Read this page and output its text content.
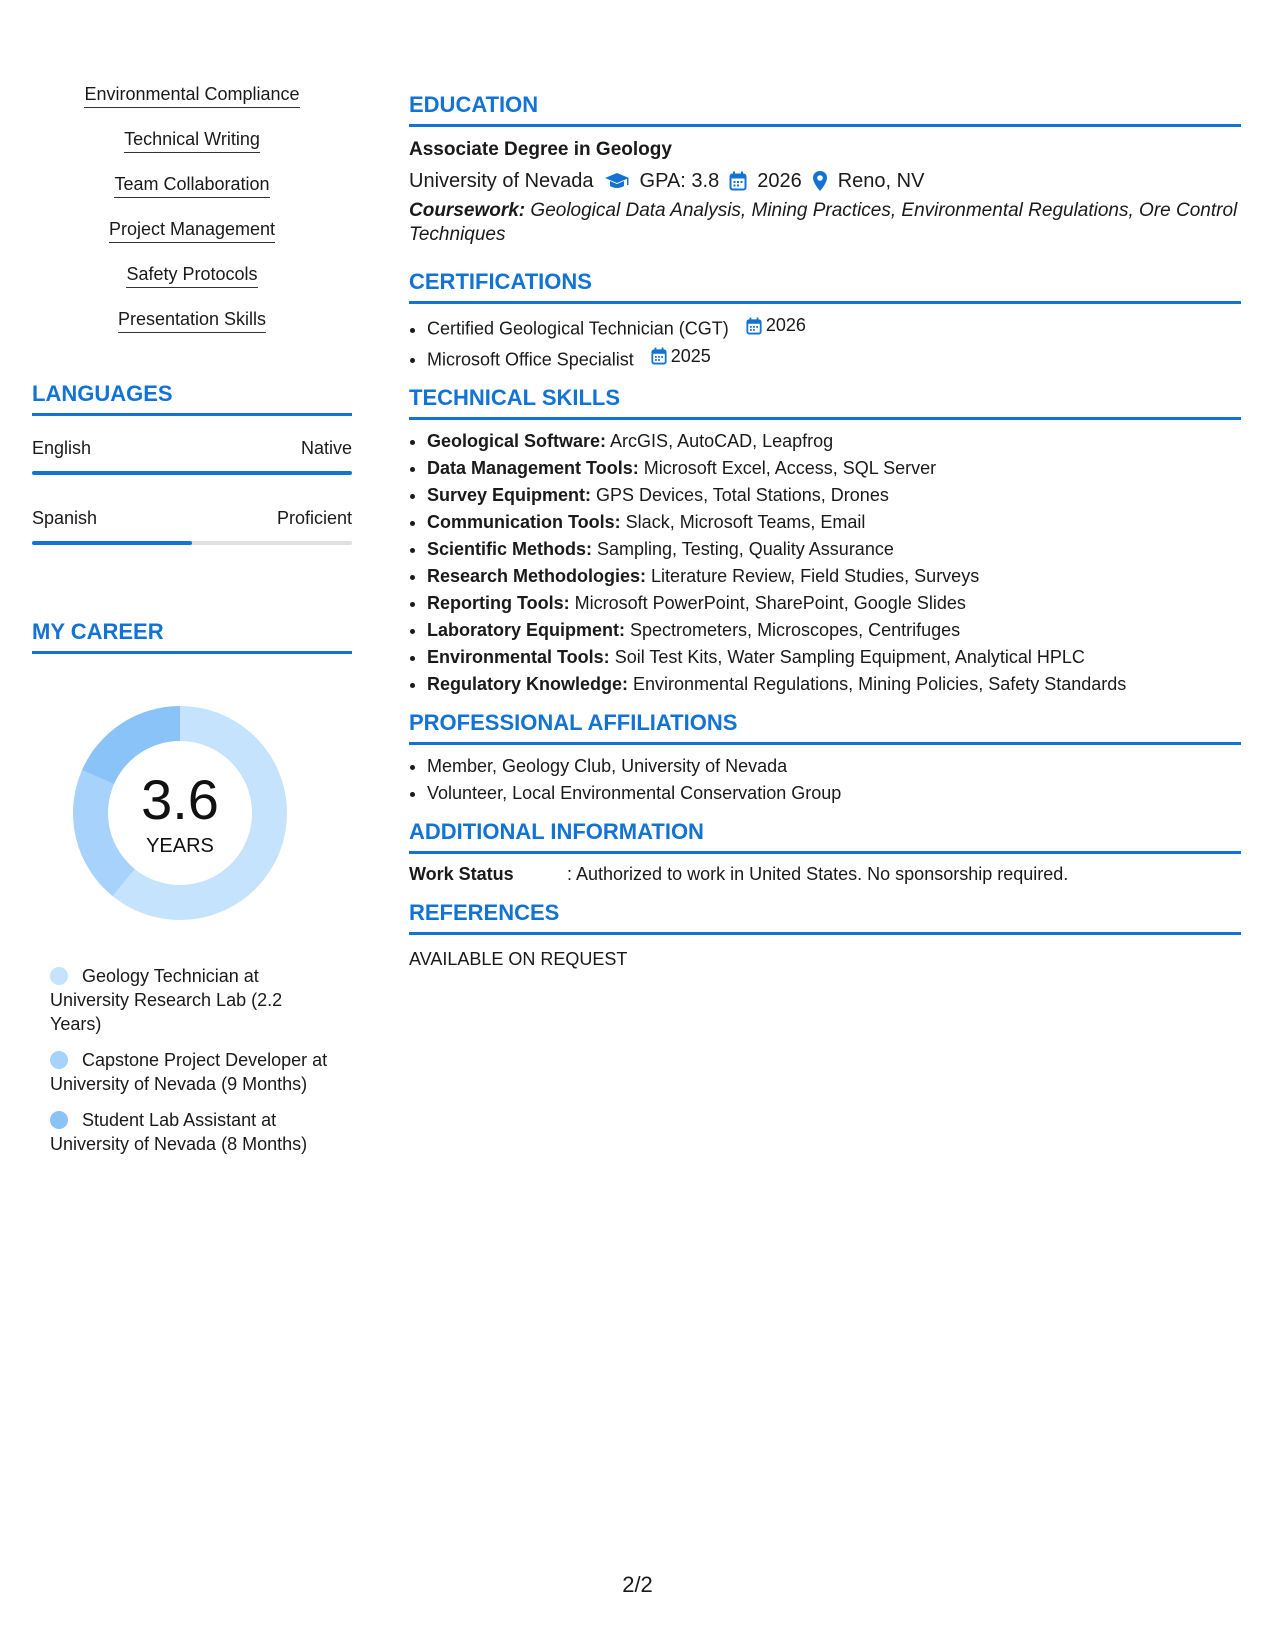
Environmental Compliance
Technical Writing
Team Collaboration
Project Management
Safety Protocols
Presentation Skills
LANGUAGES
English	Native
Spanish	Proficient
MY CAREER
3.6
YEARS
Geology Technician at University Research Lab (2.2 Years)
Capstone Project Developer at University of Nevada (9 Months)
Student Lab Assistant at University of Nevada (8 Months)
EDUCATION
Associate Degree in Geology
University of Nevada GPA: 3.8 2026 Reno, NV
Coursework: Geological Data Analysis, Mining Practices, Environmental Regulations, Ore Control Techniques
CERTIFICATIONS
• Certified Geological Technician (CGT) 2026
• Microsoft Office Specialist 2025
TECHNICAL SKILLS
• Geological Software: ArcGIS, AutoCAD, Leapfrog
• Data Management Tools: Microsoft Excel, Access, SQL Server
• Survey Equipment: GPS Devices, Total Stations, Drones
• Communication Tools: Slack, Microsoft Teams, Email
• Scientific Methods: Sampling, Testing, Quality Assurance
• Research Methodologies: Literature Review, Field Studies, Surveys
• Reporting Tools: Microsoft PowerPoint, SharePoint, Google Slides
• Laboratory Equipment: Spectrometers, Microscopes, Centrifuges
• Environmental Tools: Soil Test Kits, Water Sampling Equipment, Analytical HPLC
• Regulatory Knowledge: Environmental Regulations, Mining Policies, Safety Standards
PROFESSIONAL AFFILIATIONS
• Member, Geology Club, University of Nevada
• Volunteer, Local Environmental Conservation Group
ADDITIONAL INFORMATION
Work Status	: Authorized to work in United States. No sponsorship required.
REFERENCES
AVAILABLE ON REQUEST
2/2
